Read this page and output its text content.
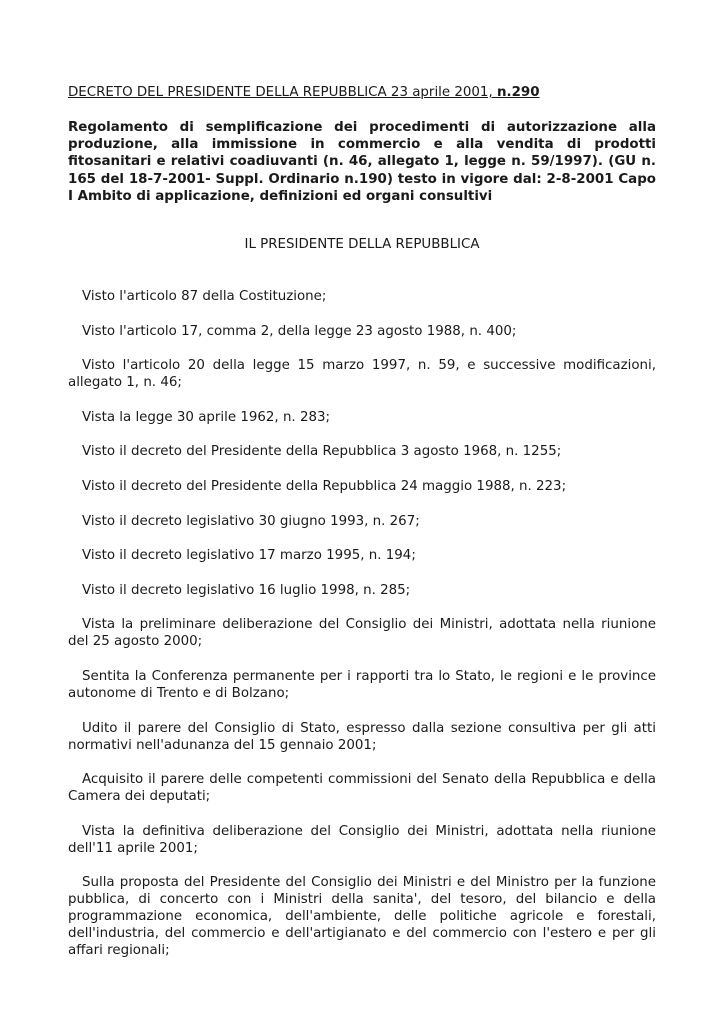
DECRETO DEL PRESIDENTE DELLA REPUBBLICA 23 aprile 2001, n.290

Regolamento di semplificazione dei procedimenti di autorizzazione alla produzione, alla immissione in commercio e alla vendita di prodotti fitosanitari e relativi coadiuvanti (n. 46, allegato 1, legge n. 59/1997). (GU n. 165 del 18-7-2001- Suppl. Ordinario n.190) testo in vigore dal: 2-8-2001 Capo I Ambito di applicazione, definizioni ed organi consultivi

IL PRESIDENTE DELLA REPUBBLICA

Visto l'articolo 87 della Costituzione;
Visto l'articolo 17, comma 2, della legge 23 agosto 1988, n. 400;
Visto l'articolo 20 della legge 15 marzo 1997, n. 59, e successive modificazioni, allegato 1, n. 46;
Vista la legge 30 aprile 1962, n. 283;
Visto il decreto del Presidente della Repubblica 3 agosto 1968, n. 1255;
Visto il decreto del Presidente della Repubblica 24 maggio 1988, n. 223;
Visto il decreto legislativo 30 giugno 1993, n. 267;
Visto il decreto legislativo 17 marzo 1995, n. 194;
Visto il decreto legislativo 16 luglio 1998, n. 285;
Vista la preliminare deliberazione del Consiglio dei Ministri, adottata nella riunione del 25 agosto 2000;
Sentita la Conferenza permanente per i rapporti tra lo Stato, le regioni e le province autonome di Trento e di Bolzano;
Udito il parere del Consiglio di Stato, espresso dalla sezione consultiva per gli atti normativi nell'adunanza del 15 gennaio 2001;
Acquisito il parere delle competenti commissioni del Senato della Repubblica e della Camera dei deputati;
Vista la definitiva deliberazione del Consiglio dei Ministri, adottata nella riunione dell'11 aprile 2001;
Sulla proposta del Presidente del Consiglio dei Ministri e del Ministro per la funzione pubblica, di concerto con i Ministri della sanita', del tesoro, del bilancio e della programmazione economica, dell'ambiente, delle politiche agricole e forestali, dell'industria, del commercio e dell'artigianato e del commercio con l'estero e per gli affari regionali;
